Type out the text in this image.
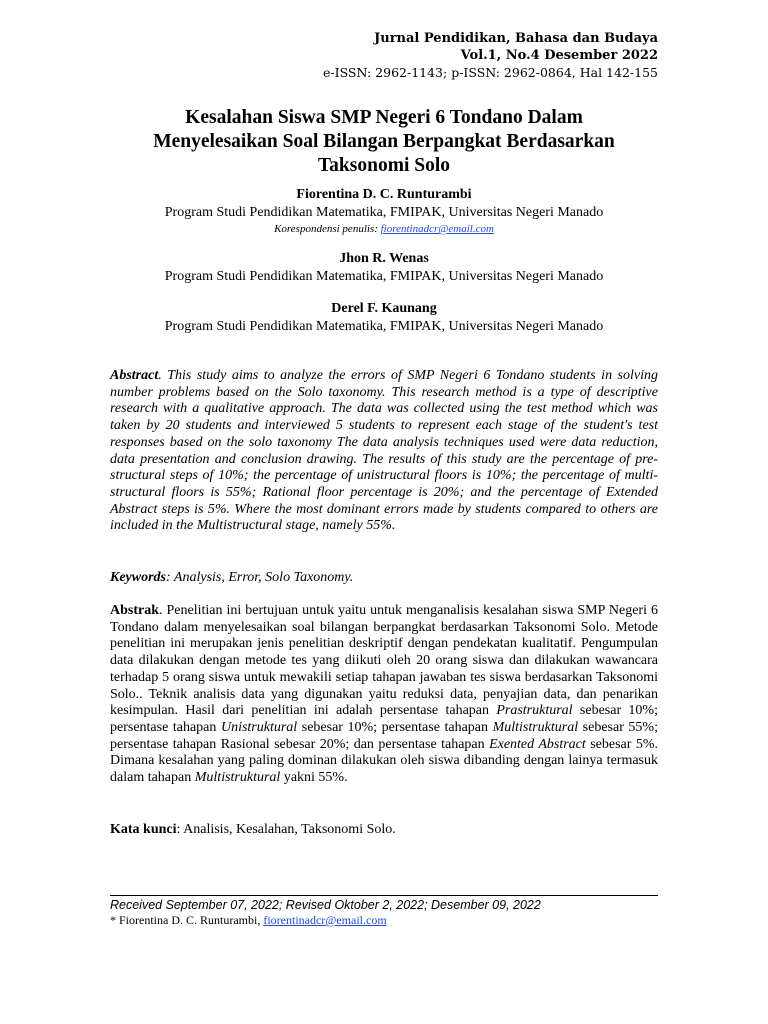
Jurnal Pendidikan, Bahasa dan Budaya
Vol.1, No.4 Desember 2022
e-ISSN: 2962-1143; p-ISSN: 2962-0864, Hal 142-155
Kesalahan Siswa SMP Negeri 6 Tondano Dalam
Menyelesaikan Soal Bilangan Berpangkat Berdasarkan
Taksonomi Solo
Fiorentina D. C. Runturambi
Program Studi Pendidikan Matematika, FMIPAK, Universitas Negeri Manado
Korespondensi penulis: fiorentinadcr@email.com
Jhon R. Wenas
Program Studi Pendidikan Matematika, FMIPAK, Universitas Negeri Manado
Derel F. Kaunang
Program Studi Pendidikan Matematika, FMIPAK, Universitas Negeri Manado
Abstract. This study aims to analyze the errors of SMP Negeri 6 Tondano students in solving number problems based on the Solo taxonomy. This research method is a type of descriptive research with a qualitative approach. The data was collected using the test method which was taken by 20 students and interviewed 5 students to represent each stage of the student's test responses based on the solo taxonomy The data analysis techniques used were data reduction, data presentation and conclusion drawing. The results of this study are the percentage of pre-structural steps of 10%; the percentage of unistructural floors is 10%; the percentage of multi-structural floors is 55%; Rational floor percentage is 20%; and the percentage of Extended Abstract steps is 5%. Where the most dominant errors made by students compared to others are included in the Multistructural stage, namely 55%.
Keywords: Analysis, Error, Solo Taxonomy.
Abstrak. Penelitian ini bertujuan untuk yaitu untuk menganalisis kesalahan siswa SMP Negeri 6 Tondano dalam menyelesaikan soal bilangan berpangkat berdasarkan Taksonomi Solo. Metode penelitian ini merupakan jenis penelitian deskriptif dengan pendekatan kualitatif. Pengumpulan data dilakukan dengan metode tes yang diikuti oleh 20 orang siswa dan dilakukan wawancara terhadap 5 orang siswa untuk mewakili setiap tahapan jawaban tes siswa berdasarkan Taksonomi Solo.. Teknik analisis data yang digunakan yaitu reduksi data, penyajian data, dan penarikan kesimpulan. Hasil dari penelitian ini adalah persentase tahapan Prastruktural sebesar 10%; persentase tahapan Unistruktural sebesar 10%; persentase tahapan Multistruktural sebesar 55%; persentase tahapan Rasional sebesar 20%; dan persentase tahapan Exented Abstract sebesar 5%. Dimana kesalahan yang paling dominan dilakukan oleh siswa dibanding dengan lainya termasuk dalam tahapan Multistruktural yakni 55%.
Kata kunci: Analisis, Kesalahan, Taksonomi Solo.
Received September 07, 2022; Revised Oktober 2, 2022; Desember 09, 2022
* Fiorentina D. C. Runturambi, fiorentinadcr@email.com
